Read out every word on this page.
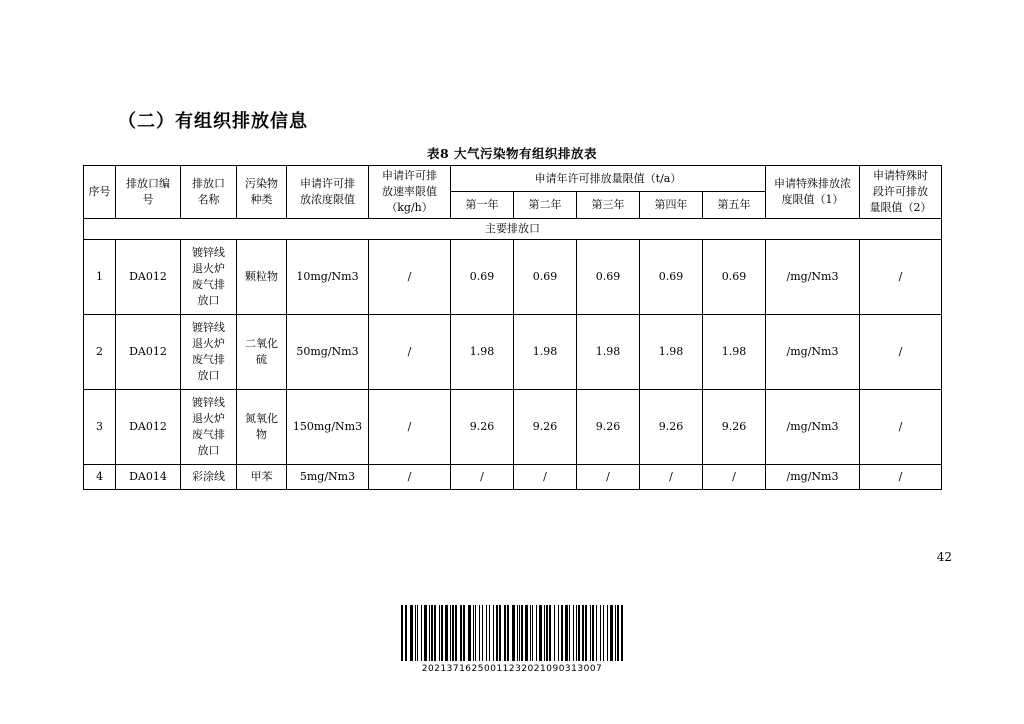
（二）有组织排放信息
表8 大气污染物有组织排放表
序号	排放口编号	排放口名称	污染物种类	申请许可排放浓度限值	申请许可排放速率限值（kg/h）	申请年许可排放量限值（t/a）					申请特殊排放浓度限值（1）	申请特殊时段许可排放量限值（2）
						第一年	第二年	第三年	第四年	第五年		
主要排放口												
1	DA012	镀锌线退火炉废气排放口	颗粒物	10mg/Nm3	/	0.69	0.69	0.69	0.69	0.69	/mg/Nm3	/
2	DA012	镀锌线退火炉废气排放口	二氧化硫	50mg/Nm3	/	1.98	1.98	1.98	1.98	1.98	/mg/Nm3	/
3	DA012	镀锌线退火炉废气排放口	氮氧化物	150mg/Nm3	/	9.26	9.26	9.26	9.26	9.26	/mg/Nm3	/
4	DA014	彩涂线	甲苯	5mg/Nm3	/	/	/	/	/	/	/mg/Nm3	/
42
20213716250011232021090313007
